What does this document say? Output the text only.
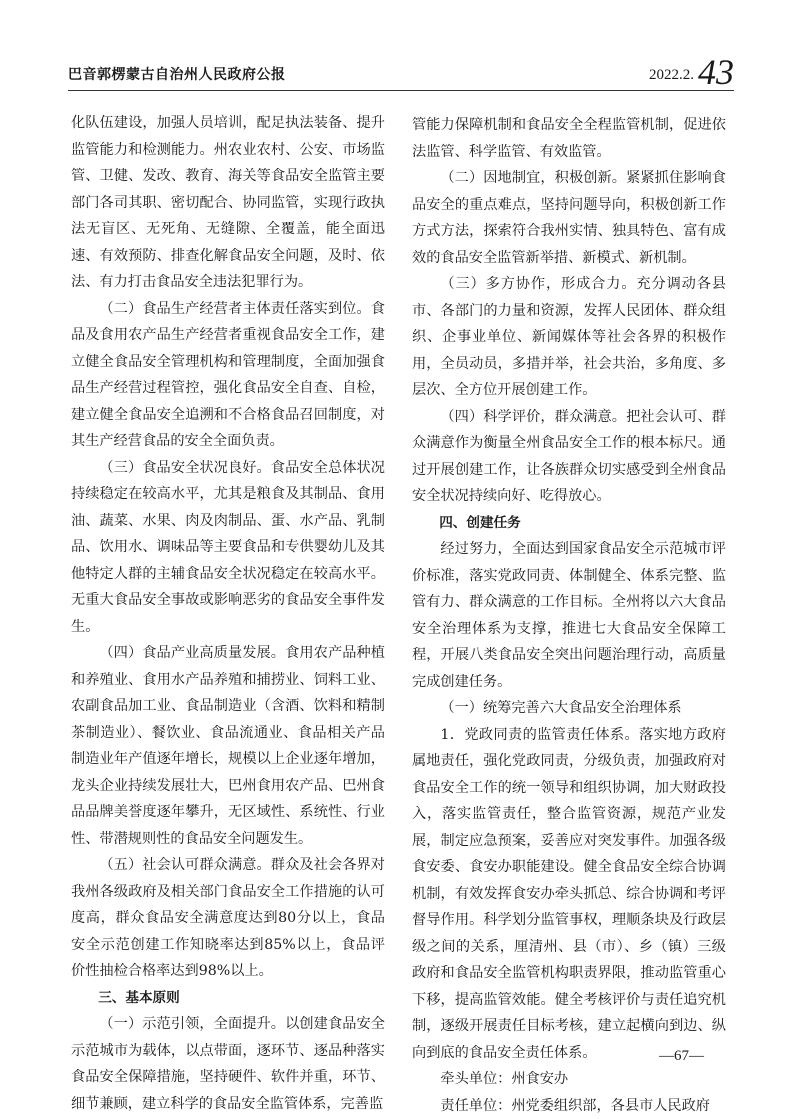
巴音郭楞蒙古自治州人民政府公报	2022.2. 43

化队伍建设，加强人员培训，配足执法装备、提升监管能力和检测能力。州农业农村、公安、市场监管、卫健、发改、教育、海关等食品安全监管主要部门各司其职、密切配合、协同监管，实现行政执法无盲区、无死角、无缝隙、全覆盖，能全面迅速、有效预防、排查化解食品安全问题，及时、依法、有力打击食品安全违法犯罪行为。

（二）食品生产经营者主体责任落实到位。食品及食用农产品生产经营者重视食品安全工作，建立健全食品安全管理机构和管理制度，全面加强食品生产经营过程管控，强化食品安全自查、自检，建立健全食品安全追溯和不合格食品召回制度，对其生产经营食品的安全全面负责。

（三）食品安全状况良好。食品安全总体状况持续稳定在较高水平，尤其是粮食及其制品、食用油、蔬菜、水果、肉及肉制品、蛋、水产品、乳制品、饮用水、调味品等主要食品和专供婴幼儿及其他特定人群的主辅食品安全状况稳定在较高水平。无重大食品安全事故或影响恶劣的食品安全事件发生。

（四）食品产业高质量发展。食用农产品种植和养殖业、食用水产品养殖和捕捞业、饲料工业、农副食品加工业、食品制造业（含酒、饮料和精制茶制造业）、餐饮业、食品流通业、食品相关产品制造业年产值逐年增长，规模以上企业逐年增加，龙头企业持续发展壮大，巴州食用农产品、巴州食品品牌美誉度逐年攀升，无区域性、系统性、行业性、带潜规则性的食品安全问题发生。

（五）社会认可群众满意。群众及社会各界对我州各级政府及相关部门食品安全工作措施的认可度高，群众食品安全满意度达到80分以上，食品安全示范创建工作知晓率达到85%以上，食品评价性抽检合格率达到98%以上。

三、基本原则

（一）示范引领，全面提升。以创建食品安全示范城市为载体，以点带面，逐环节、逐品种落实食品安全保障措施，坚持硬件、软件并重，环节、细节兼顾，建立科学的食品安全监管体系，完善监

管能力保障机制和食品安全全程监管机制，促进依法监管、科学监管、有效监管。

（二）因地制宜，积极创新。紧紧抓住影响食品安全的重点难点，坚持问题导向，积极创新工作方式方法，探索符合我州实情、独具特色、富有成效的食品安全监管新举措、新模式、新机制。

（三）多方协作，形成合力。充分调动各县市、各部门的力量和资源，发挥人民团体、群众组织、企事业单位、新闻媒体等社会各界的积极作用，全员动员，多措并举，社会共治，多角度、多层次、全方位开展创建工作。

（四）科学评价，群众满意。把社会认可、群众满意作为衡量全州食品安全工作的根本标尺。通过开展创建工作，让各族群众切实感受到全州食品安全状况持续向好、吃得放心。

四、创建任务

经过努力，全面达到国家食品安全示范城市评价标准，落实党政同责、体制健全、体系完整、监管有力、群众满意的工作目标。全州将以六大食品安全治理体系为支撑，推进七大食品安全保障工程，开展八类食品安全突出问题治理行动，高质量完成创建任务。

（一）统筹完善六大食品安全治理体系

1．党政同责的监管责任体系。落实地方政府属地责任，强化党政同责，分级负责，加强政府对食品安全工作的统一领导和组织协调，加大财政投入，落实监管责任，整合监管资源，规范产业发展，制定应急预案，妥善应对突发事件。加强各级食安委、食安办职能建设。健全食品安全综合协调机制，有效发挥食安办牵头抓总、综合协调和考评督导作用。科学划分监管事权，理顺条块及行政层级之间的关系，厘清州、县（市）、乡（镇）三级政府和食品安全监管机构职责界限，推动监管重心下移，提高监管效能。健全考核评价与责任追究机制，逐级开展责任目标考核，建立起横向到边、纵向到底的食品安全责任体系。

牵头单位：州食安办

责任单位：州党委组织部，各县市人民政府

—67—
